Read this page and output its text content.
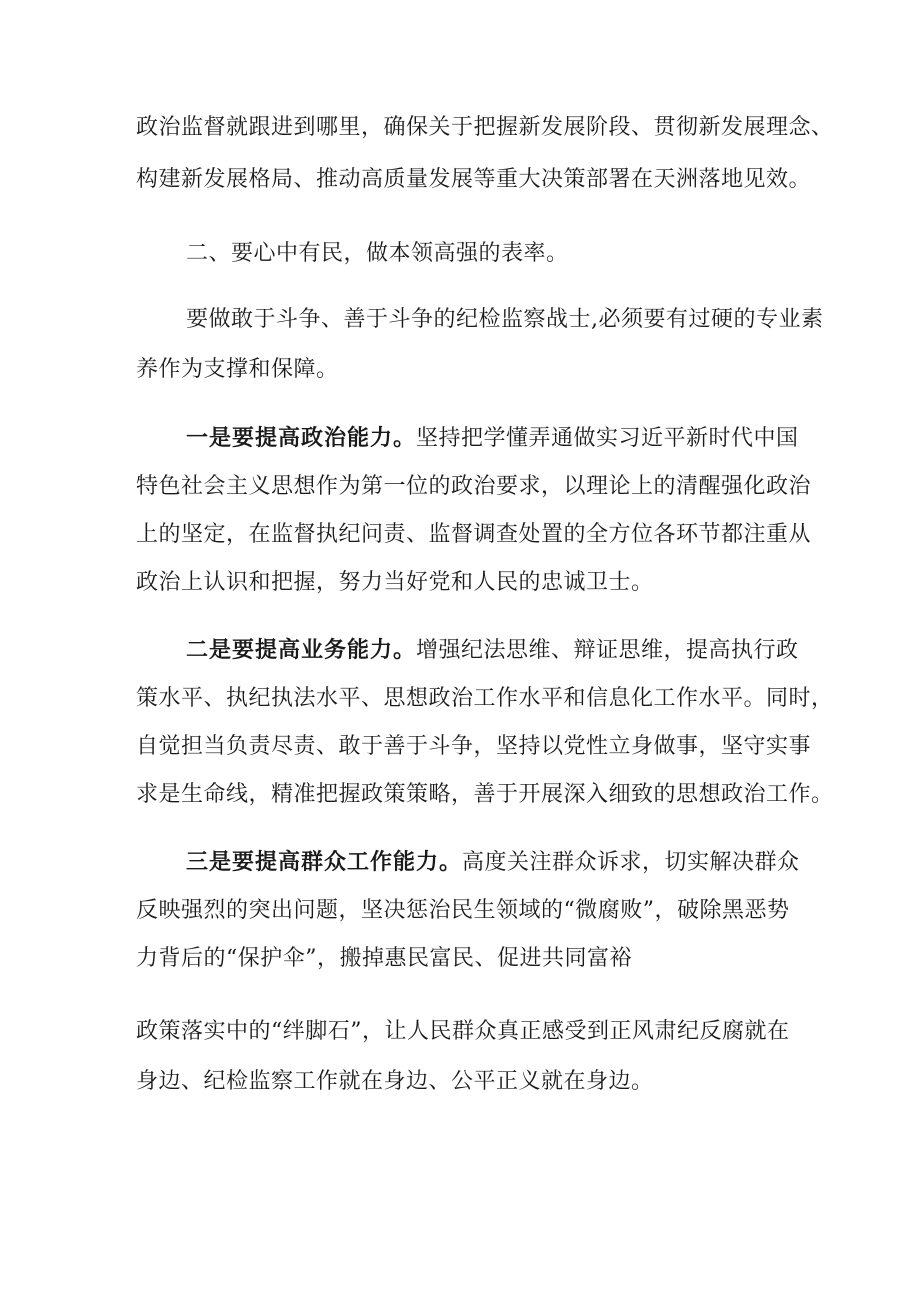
政治监督就跟进到哪里，确保关于把握新发展阶段、贯彻新发展理念、
构建新发展格局、推动高质量发展等重大决策部署在天洲落地见效。
二、要心中有民，做本领高强的表率。
要做敢于斗争、善于斗争的纪检监察战士,必须要有过硬的专业素
养作为支撑和保障。
一是要提高政治能力。坚持把学懂弄通做实习近平新时代中国
特色社会主义思想作为第一位的政治要求，以理论上的清醒强化政治
上的坚定，在监督执纪问责、监督调查处置的全方位各环节都注重从
政治上认识和把握，努力当好党和人民的忠诚卫士。
二是要提高业务能力。增强纪法思维、辩证思维，提高执行政
策水平、执纪执法水平、思想政治工作水平和信息化工作水平。同时，
自觉担当负责尽责、敢于善于斗争，坚持以党性立身做事，坚守实事
求是生命线，精准把握政策策略，善于开展深入细致的思想政治工作。
三是要提高群众工作能力。高度关注群众诉求，切实解决群众
反映强烈的突出问题，坚决惩治民生领域的“微腐败”，破除黑恶势
力背后的“保护伞”，搬掉惠民富民、促进共同富裕
政策落实中的“绊脚石”，让人民群众真正感受到正风肃纪反腐就在
身边、纪检监察工作就在身边、公平正义就在身边。
